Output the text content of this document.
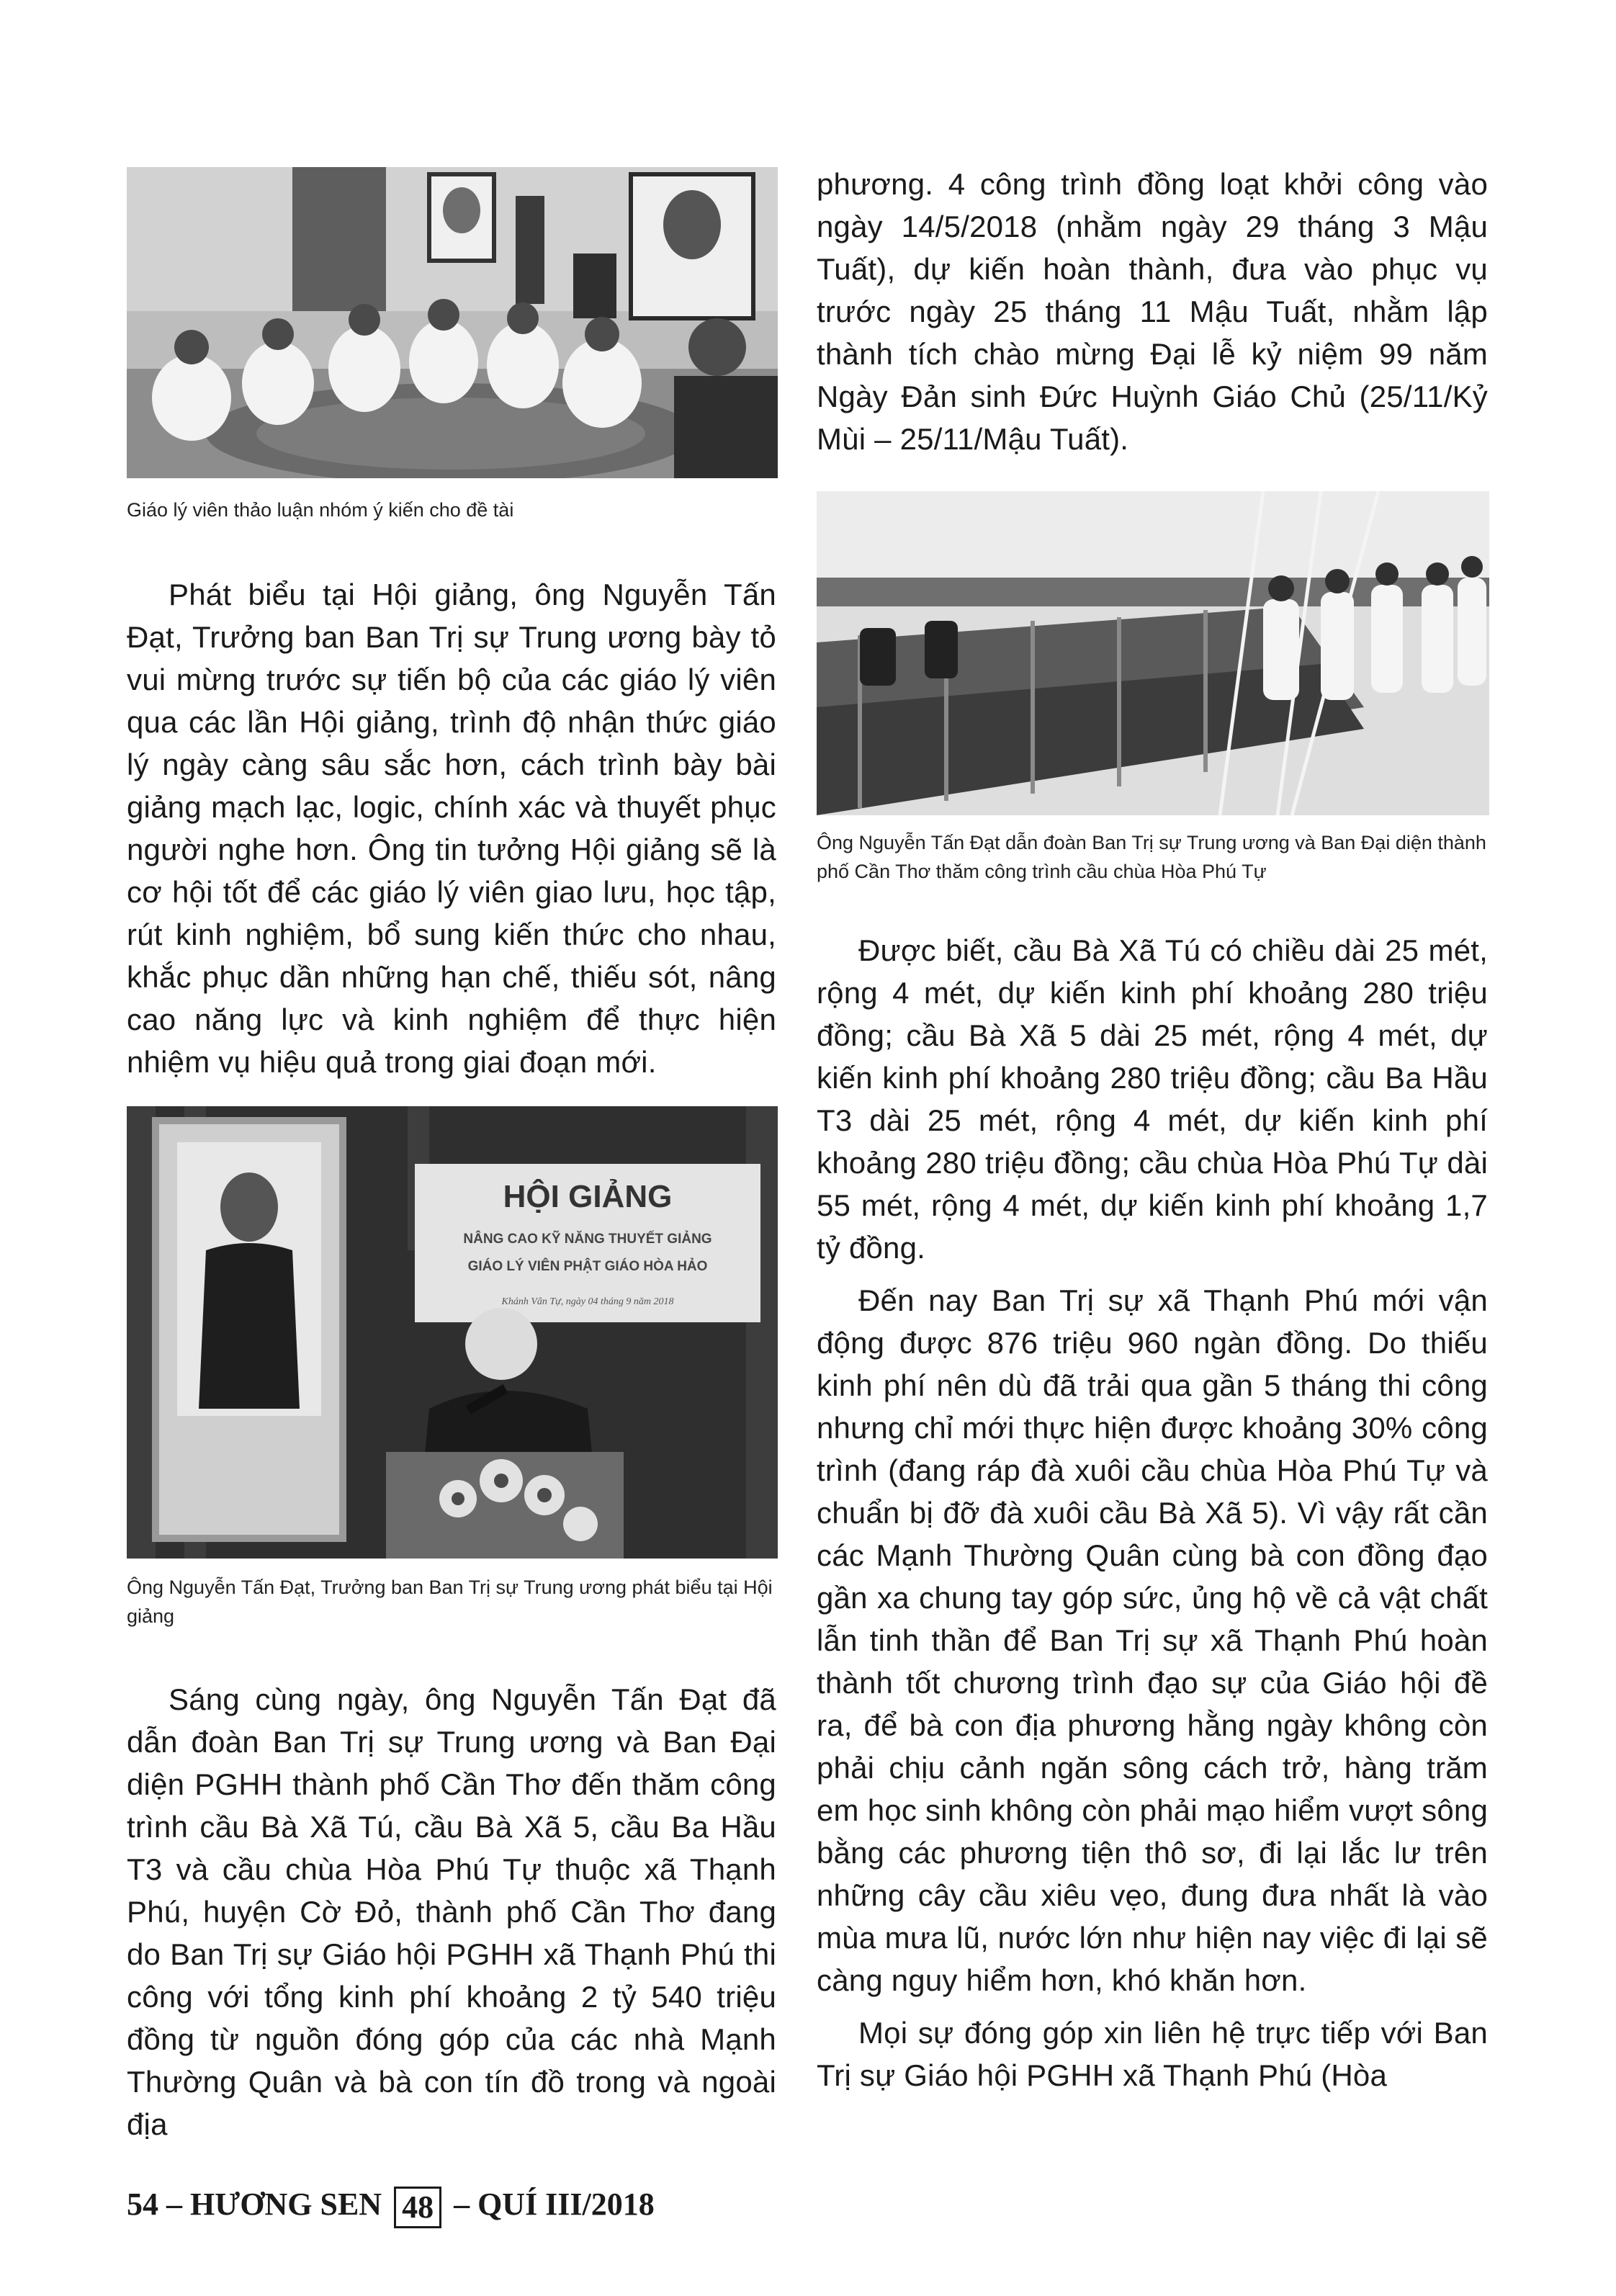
HỘI GIẢNG
NÂNG CAO KỸ NĂNG THUYẾT GIẢNG
GIÁO LÝ VIÊN PHẬT GIÁO HÒA HẢO
Khánh Vân Tự, ngày 04 tháng 9 năm 2018

Giáo lý viên thảo luận nhóm ý kiến cho đề tài

Phát biểu tại Hội giảng, ông Nguyễn Tấn Đạt, Trưởng ban Ban Trị sự Trung ương bày tỏ vui mừng trước sự tiến bộ của các giáo lý viên qua các lần Hội giảng, trình độ nhận thức giáo lý ngày càng sâu sắc hơn, cách trình bày bài giảng mạch lạc, logic, chính xác và thuyết phục người nghe hơn. Ông tin tưởng Hội giảng sẽ là cơ hội tốt để các giáo lý viên giao lưu, học tập, rút kinh nghiệm, bổ sung kiến thức cho nhau, khắc phục dần những hạn chế, thiếu sót, nâng cao năng lực và kinh nghiệm để thực hiện nhiệm vụ hiệu quả trong giai đoạn mới.

Ông Nguyễn Tấn Đạt, Trưởng ban Ban Trị sự Trung ương phát biểu tại Hội giảng

Sáng cùng ngày, ông Nguyễn Tấn Đạt đã dẫn đoàn Ban Trị sự Trung ương và Ban Đại diện PGHH thành phố Cần Thơ đến thăm công trình cầu Bà Xã Tú, cầu Bà Xã 5, cầu Ba Hầu T3 và cầu chùa Hòa Phú Tự thuộc xã Thạnh Phú, huyện Cờ Đỏ, thành phố Cần Thơ đang do Ban Trị sự Giáo hội PGHH xã Thạnh Phú thi công với tổng kinh phí khoảng 2 tỷ 540 triệu đồng từ nguồn đóng góp của các nhà Mạnh Thường Quân và bà con tín đồ trong và ngoài địa

phương. 4 công trình đồng loạt khởi công vào ngày 14/5/2018 (nhằm ngày 29 tháng 3 Mậu Tuất), dự kiến hoàn thành, đưa vào phục vụ trước ngày 25 tháng 11 Mậu Tuất, nhằm lập thành tích chào mừng Đại lễ kỷ niệm 99 năm Ngày Đản sinh Đức Huỳnh Giáo Chủ (25/11/Kỷ Mùi – 25/11/Mậu Tuất).

Ông Nguyễn Tấn Đạt dẫn đoàn Ban Trị sự Trung ương và Ban Đại diện thành phố Cần Thơ thăm công trình cầu chùa Hòa Phú Tự

Được biết, cầu Bà Xã Tú có chiều dài 25 mét, rộng 4 mét, dự kiến kinh phí khoảng 280 triệu đồng; cầu Bà Xã 5 dài 25 mét, rộng 4 mét, dự kiến kinh phí khoảng 280 triệu đồng; cầu Ba Hầu T3 dài 25 mét, rộng 4 mét, dự kiến kinh phí khoảng 280 triệu đồng; cầu chùa Hòa Phú Tự dài 55 mét, rộng 4 mét, dự kiến kinh phí khoảng 1,7 tỷ đồng.

Đến nay Ban Trị sự xã Thạnh Phú mới vận động được 876 triệu 960 ngàn đồng. Do thiếu kinh phí nên dù đã trải qua gần 5 tháng thi công nhưng chỉ mới thực hiện được khoảng 30% công trình (đang ráp đà xuôi cầu chùa Hòa Phú Tự và chuẩn bị đỡ đà xuôi cầu Bà Xã 5). Vì vậy rất cần các Mạnh Thường Quân cùng bà con đồng đạo gần xa chung tay góp sức, ủng hộ về cả vật chất lẫn tinh thần để Ban Trị sự xã Thạnh Phú hoàn thành tốt chương trình đạo sự của Giáo hội đề ra, để bà con địa phương hằng ngày không còn phải chịu cảnh ngăn sông cách trở, hàng trăm em học sinh không còn phải mạo hiểm vượt sông bằng các phương tiện thô sơ, đi lại lắc lư trên những cây cầu xiêu vẹo, đung đưa nhất là vào mùa mưa lũ, nước lớn như hiện nay việc đi lại sẽ càng nguy hiểm hơn, khó khăn hơn.

Mọi sự đóng góp xin liên hệ trực tiếp với Ban Trị sự Giáo hội PGHH xã Thạnh Phú (Hòa

54 – HƯƠNG SEN 48 – QUÍ III/2018
